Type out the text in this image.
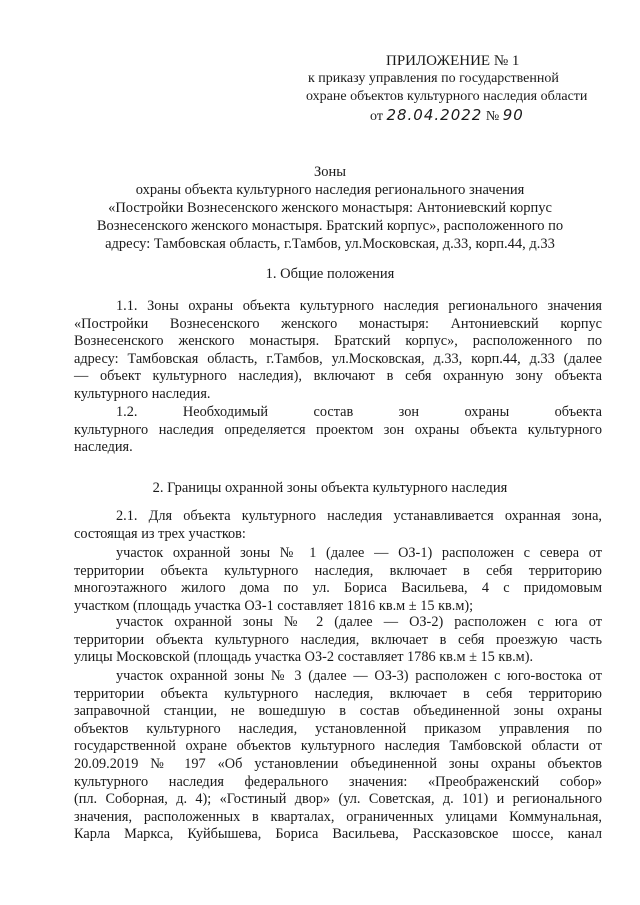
ПРИЛОЖЕНИЕ № 1
к приказу управления по государственной
охране объектов культурного наследия области
от 28.04.2022 № 90
Зоны
охраны объекта культурного наследия регионального значения
«Постройки Вознесенского женского монастыря: Антониевский корпус
Вознесенского женского монастыря. Братский корпус», расположенного по
адресу: Тамбовская область, г.Тамбов, ул.Московская, д.33, корп.44, д.33
1. Общие положения
1.1. Зоны охраны объекта культурного наследия регионального значения
«Постройки Вознесенского женского монастыря: Антониевский корпус
Вознесенского женского монастыря. Братский корпус», расположенного по
адресу: Тамбовская область, г.Тамбов, ул.Московская, д.33, корп.44, д.33 (далее
— объект культурного наследия), включают в себя охранную зону объекта
культурного наследия.
1.2. Необходимый состав зон охраны объекта
культурного наследия определяется проектом зон охраны объекта культурного
наследия.
2. Границы охранной зоны объекта культурного наследия
2.1. Для объекта культурного наследия устанавливается охранная зона,
состоящая из трех участков:
участок охранной зоны № 1 (далее — ОЗ-1) расположен с севера от
территории объекта культурного наследия, включает в себя территорию
многоэтажного жилого дома по ул. Бориса Васильева, 4 с придомовым
участком (площадь участка ОЗ-1 составляет 1816 кв.м ± 15 кв.м);
участок охранной зоны № 2 (далее — ОЗ-2) расположен с юга от
территории объекта культурного наследия, включает в себя проезжую часть
улицы Московской (площадь участка ОЗ-2 составляет 1786 кв.м ± 15 кв.м).
участок охранной зоны № 3 (далее — ОЗ-3) расположен с юго-востока от
территории объекта культурного наследия, включает в себя территорию
заправочной станции, не вошедшую в состав объединенной зоны охраны
объектов культурного наследия, установленной приказом управления по
государственной охране объектов культурного наследия Тамбовской области от
20.09.2019 № 197 «Об установлении объединенной зоны охраны объектов
культурного наследия федерального значения: «Преображенский собор»
(пл. Соборная, д. 4); «Гостиный двор» (ул. Советская, д. 101) и регионального
значения, расположенных в кварталах, ограниченных улицами Коммунальная,
Карла Маркса, Куйбышева, Бориса Васильева, Рассказовское шоссе, канал
